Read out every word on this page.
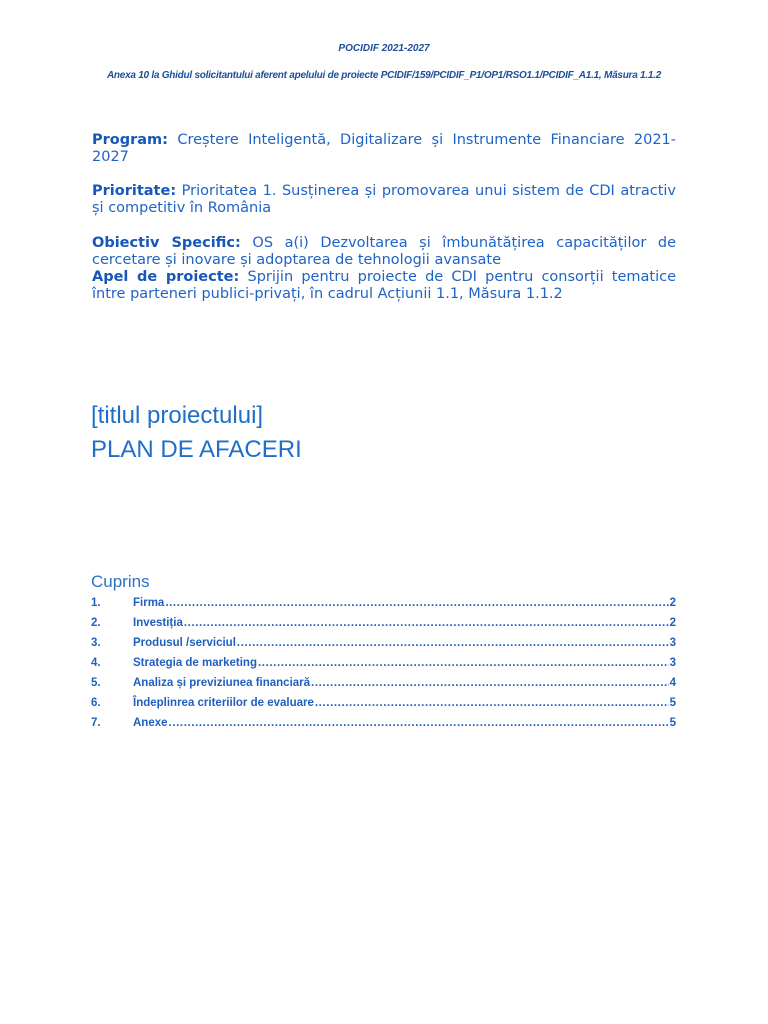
POCIDIF 2021-2027
Anexa 10 la Ghidul solicitantului aferent apelului de proiecte PCIDIF/159/PCIDIF_P1/OP1/RSO1.1/PCIDIF_A1.1, Măsura 1.1.2
Program: Creștere Inteligentă, Digitalizare și Instrumente Financiare 2021-2027
Prioritate: Prioritatea 1. Susținerea și promovarea unui sistem de CDI atractiv și competitiv în România
Obiectiv Specific: OS a(i) Dezvoltarea și îmbunătățirea capacităților de cercetare și inovare și adoptarea de tehnologii avansate
Apel de proiecte: Sprijin pentru proiecte de CDI pentru consorții tematice între parteneri publici-privați, în cadrul Acțiunii 1.1, Măsura 1.1.2
[titlul proiectului]
PLAN DE AFACERI
Cuprins
1.	Firma .....	2
2.	Investiția .....	2
3.	Produsul /serviciul .....	3
4.	Strategia de marketing .....	3
5.	Analiza și previziunea financiară .....	4
6.	Îndeplinrea criteriilor de evaluare .....	5
7.	Anexe .....	5
